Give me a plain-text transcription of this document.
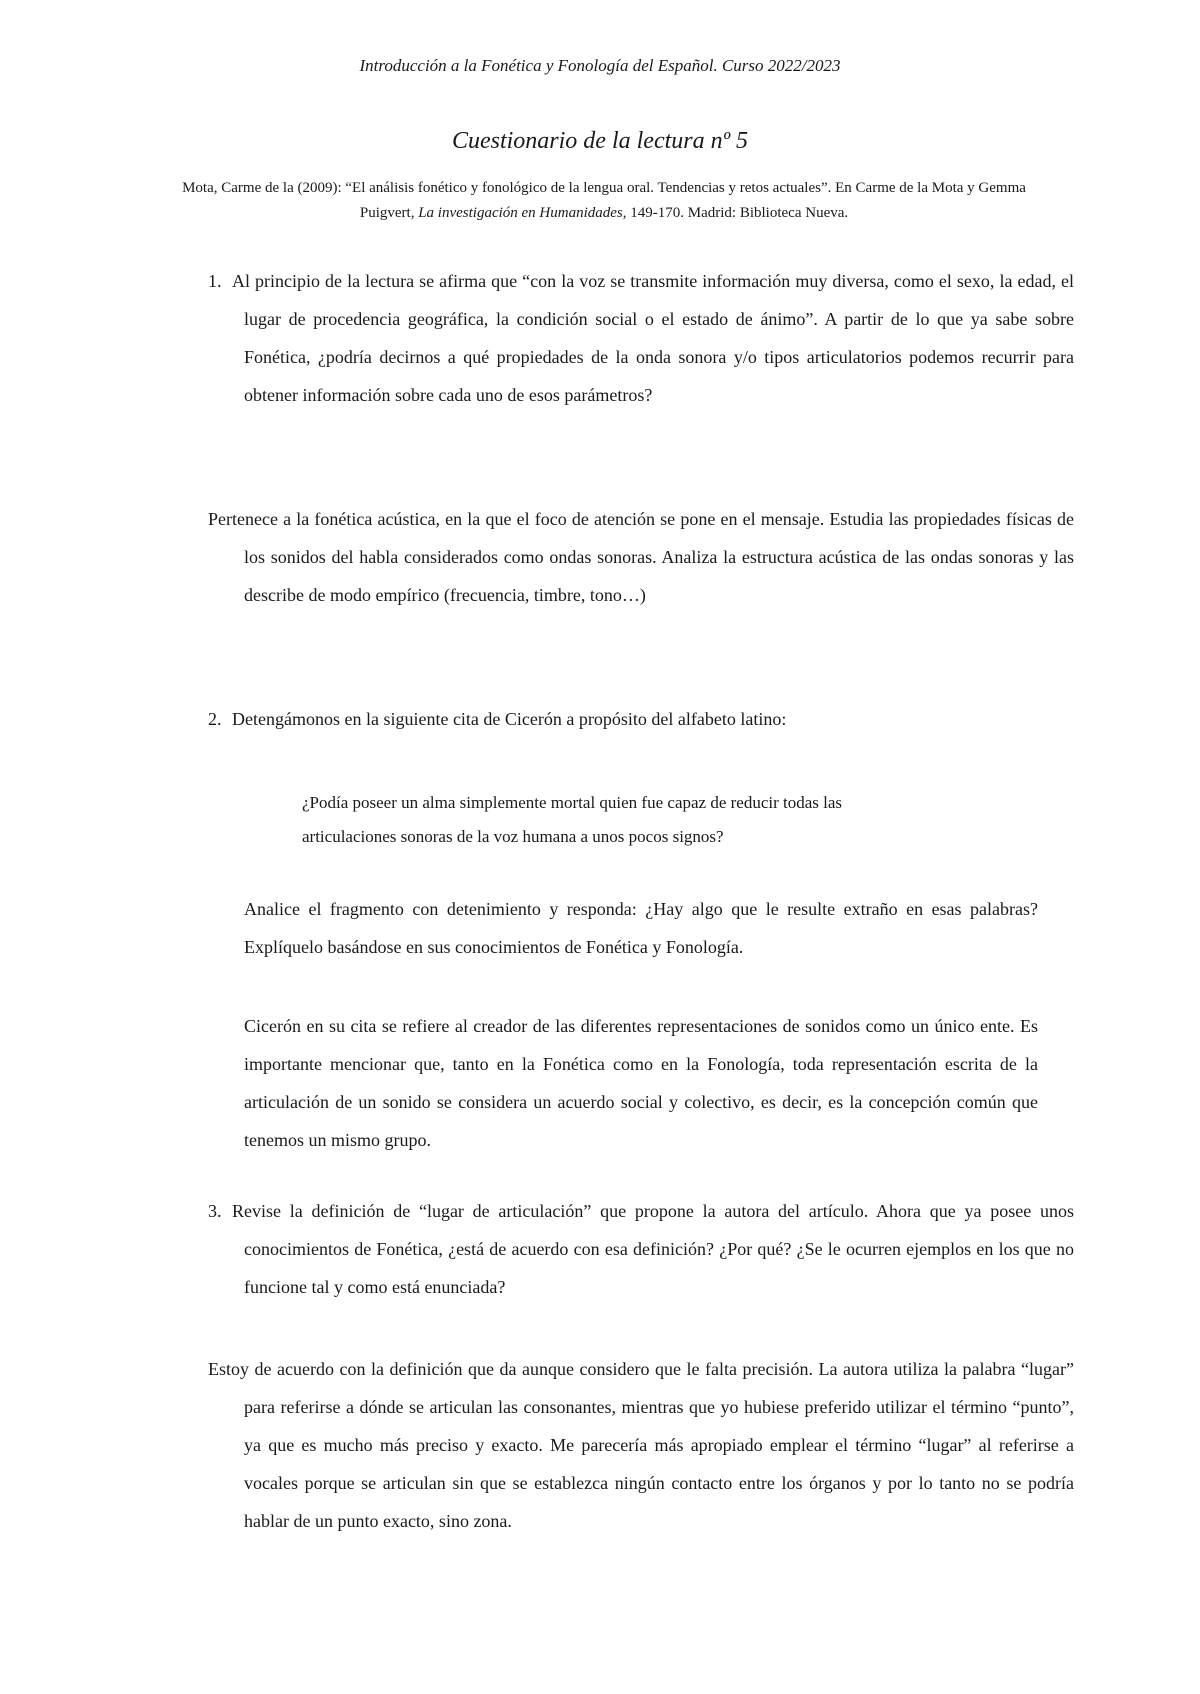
Introducción a la Fonética y Fonología del Español. Curso 2022/2023
Cuestionario de la lectura nº 5
Mota, Carme de la (2009): “El análisis fonético y fonológico de la lengua oral. Tendencias y retos actuales”. En Carme de la Mota y Gemma Puigvert, La investigación en Humanidades, 149-170. Madrid: Biblioteca Nueva.
1. Al principio de la lectura se afirma que “con la voz se transmite información muy diversa, como el sexo, la edad, el lugar de procedencia geográfica, la condición social o el estado de ánimo”. A partir de lo que ya sabe sobre Fonética, ¿podría decirnos a qué propiedades de la onda sonora y/o tipos articulatorios podemos recurrir para obtener información sobre cada uno de esos parámetros?
Pertenece a la fonética acústica, en la que el foco de atención se pone en el mensaje. Estudia las propiedades físicas de los sonidos del habla considerados como ondas sonoras. Analiza la estructura acústica de las ondas sonoras y las describe de modo empírico (frecuencia, timbre, tono…)
2. Detengámonos en la siguiente cita de Cicerón a propósito del alfabeto latino:
¿Podía poseer un alma simplemente mortal quien fue capaz de reducir todas las
articulaciones sonoras de la voz humana a unos pocos signos?
Analice el fragmento con detenimiento y responda: ¿Hay algo que le resulte extraño en esas palabras? Explíquelo basándose en sus conocimientos de Fonética y Fonología.
Cicerón en su cita se refiere al creador de las diferentes representaciones de sonidos como un único ente. Es importante mencionar que, tanto en la Fonética como en la Fonología, toda representación escrita de la articulación de un sonido se considera un acuerdo social y colectivo, es decir, es la concepción común que tenemos un mismo grupo.
3. Revise la definición de “lugar de articulación” que propone la autora del artículo. Ahora que ya posee unos conocimientos de Fonética, ¿está de acuerdo con esa definición? ¿Por qué? ¿Se le ocurren ejemplos en los que no funcione tal y como está enunciada?
Estoy de acuerdo con la definición que da aunque considero que le falta precisión. La autora utiliza la palabra “lugar” para referirse a dónde se articulan las consonantes, mientras que yo hubiese preferido utilizar el término “punto”, ya que es mucho más preciso y exacto. Me parecería más apropiado emplear el término “lugar” al referirse a vocales porque se articulan sin que se establezca ningún contacto entre los órganos y por lo tanto no se podría hablar de un punto exacto, sino zona.
